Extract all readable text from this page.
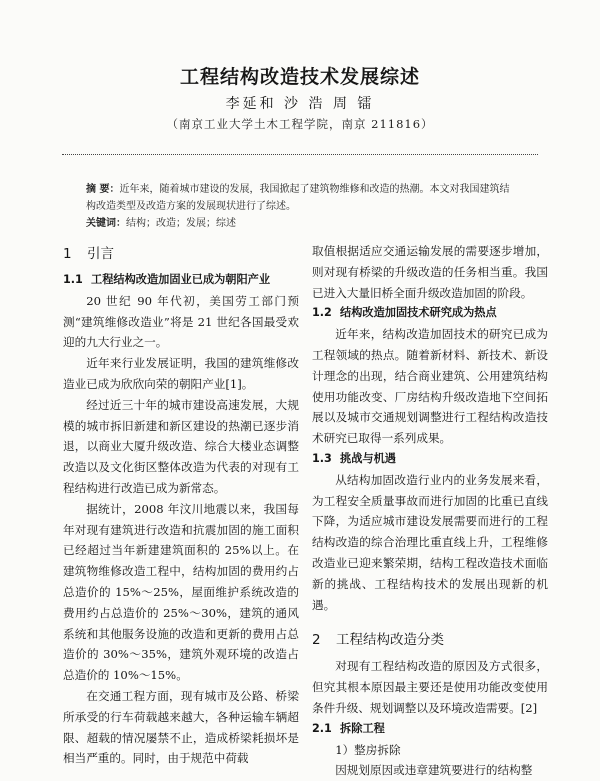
工程结构改造技术发展综述
李延和 沙 浩 周 镭
（南京工业大学土木工程学院，南京 211816）
摘 要：近年来，随着城市建设的发展，我国掀起了建筑物维修和改造的热潮。本文对我国建筑结构改造类型及改造方案的发展现状进行了综述。
关键词：结构；改造；发展；综述
1 引言
1.1 工程结构改造加固业已成为朝阳产业

20 世纪 90 年代初，美国劳工部门预测“建筑维修改造业”将是 21 世纪各国最受欢迎的九大行业之一。

近年来行业发展证明，我国的建筑维修改造业已成为欣欣向荣的朝阳产业[1]。

经过近三十年的城市建设高速发展，大规模的城市拆旧新建和新区建设的热潮已逐步消退，以商业大厦升级改造、综合大楼业态调整改造以及文化街区整体改造为代表的对现有工程结构进行改造已成为新常态。

据统计，2008 年汶川地震以来，我国每年对现有建筑进行改造和抗震加固的施工面积已经超过当年新建建筑面积的 25%以上。在建筑物维修改造工程中，结构加固的费用约占总造价的 15%～25%，屋面维护系统改造的费用约占总造价的 25%～30%，建筑的通风系统和其他服务设施的改造和更新的费用占总造价的 30%～35%，建筑外观环境的改造占总造价的 10%～15%。

在交通工程方面，现有城市及公路、桥梁所承受的行车荷载越来越大，各种运输车辆超限、超载的情况屡禁不止，造成桥梁耗损坏是相当严重的。同时，由于规范中荷载

取值根据适应交通运输发展的需要逐步增加，则对现有桥梁的升级改造的任务相当重。我国已进入大量旧桥全面升级改造加固的阶段。

1.2 结构改造加固技术研究成为热点

近年来，结构改造加固技术的研究已成为工程领域的热点。随着新材料、新技术、新设计理念的出现，结合商业建筑、公用建筑结构使用功能改变、厂房结构升级改造地下空间拓展以及城市交通规划调整进行工程结构改造技术研究已取得一系列成果。

1.3 挑战与机遇

从结构加固改造行业内的业务发展来看，为工程安全质量事故而进行加固的比重已直线下降，为适应城市建设发展需要而进行的工程结构改造的综合治理比重直线上升，工程维修改造业已迎来繁荣期，结构工程改造技术面临新的挑战、工程结构技术的发展出现新的机遇。

2 工程结构改造分类

对现有工程结构改造的原因及方式很多，但究其根本原因最主要还是使用功能改变使用条件升级、规划调整以及环境改造需要。[2]

2.1 拆除工程
1）整房拆除

因规划原因或违章建筑要进行的结构整
